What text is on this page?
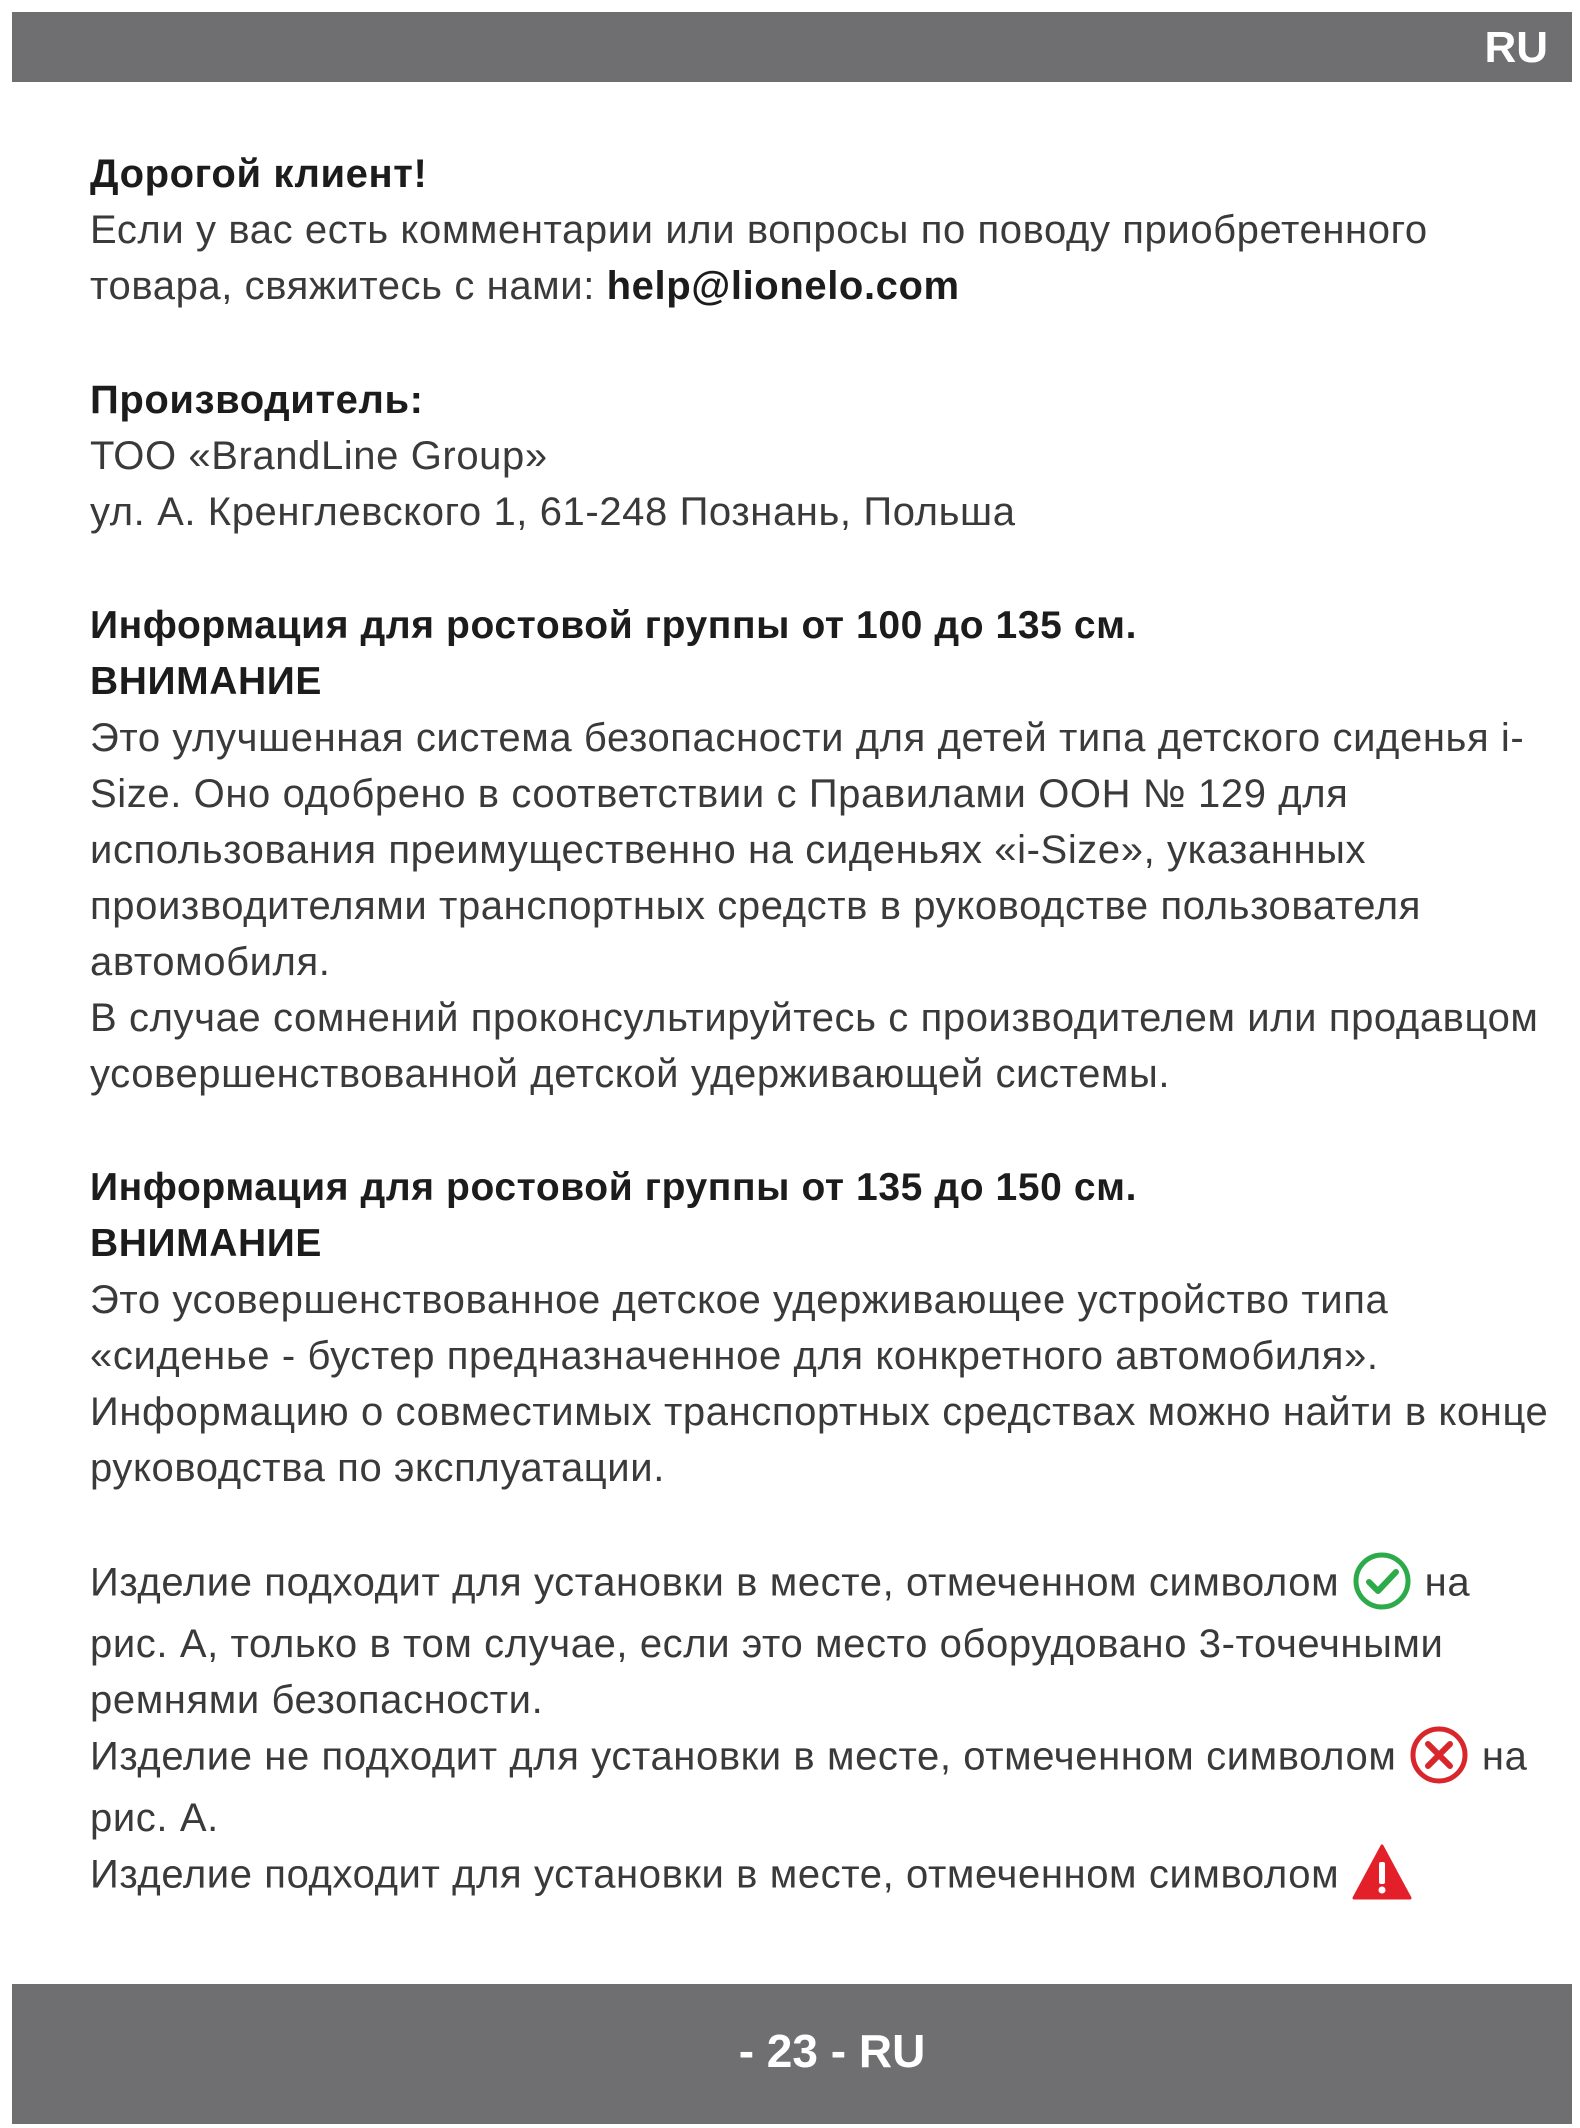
RU

Дорогой клиент!

Если у вас есть комментарии или вопросы по поводу приобретенного товара, свяжитесь с нами: help@lionelo.com

Производитель:

ТОО «BrandLine Group»

ул. А. Кренглевского 1, 61-248 Познань, Польша

Информация для ростовой группы от 100 до 135 см.

ВНИМАНИЕ

Это улучшенная система безопасности для детей типа детского сиденья i-Size. Оно одобрено в соответствии с Правилами ООН № 129 для использования преимущественно на сиденьях «i-Size», указанных производителями транспортных средств в руководстве пользователя автомобиля.

В случае сомнений проконсультируйтесь с производителем или продавцом усовершенствованной детской удерживающей системы.

Информация для ростовой группы от 135 до 150 см.

ВНИМАНИЕ

Это усовершенствованное детское удерживающее устройство типа «сиденье - бустер предназначенное для конкретного автомобиля». Информацию о совместимых транспортных средствах можно найти в конце руководства по эксплуатации.

Изделие подходит для установки в месте, отмеченном символом
на рис. A, только в том случае, если это место оборудовано 3-точечными ремнями безопасности.

Изделие не подходит для установки в месте, отмеченном символом
на рис. A.

Изделие подходит для установки в месте, отмеченном символом

- 23 - RU
